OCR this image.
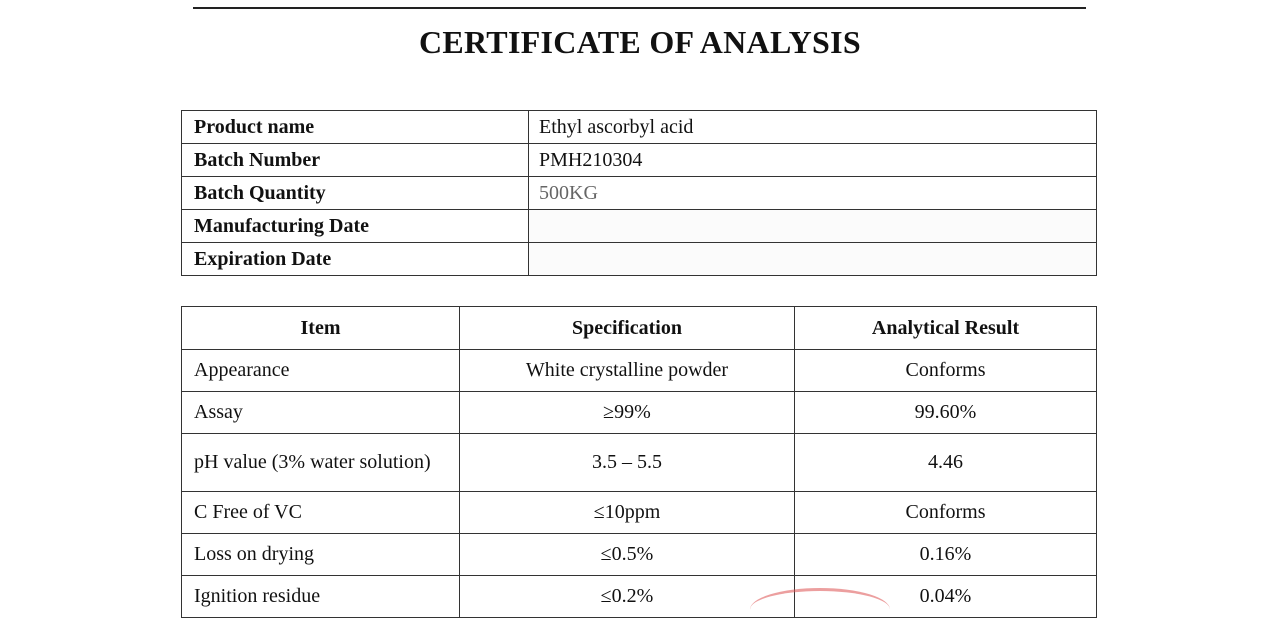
CERTIFICATE OF ANALYSIS
Product name	Ethyl ascorbyl acid
Batch Number	PMH210304
Batch Quantity	500KG
Manufacturing Date	
Expiration Date	
Item	Specification	Analytical Result
Appearance	White crystalline powder	Conforms
Assay	≥99%	99.60%
pH value (3% water solution)	3.5 – 5.5	4.46
C Free of VC	≤10ppm	Conforms
Loss on drying	≤0.5%	0.16%
Ignition residue	≤0.2%	0.04%
